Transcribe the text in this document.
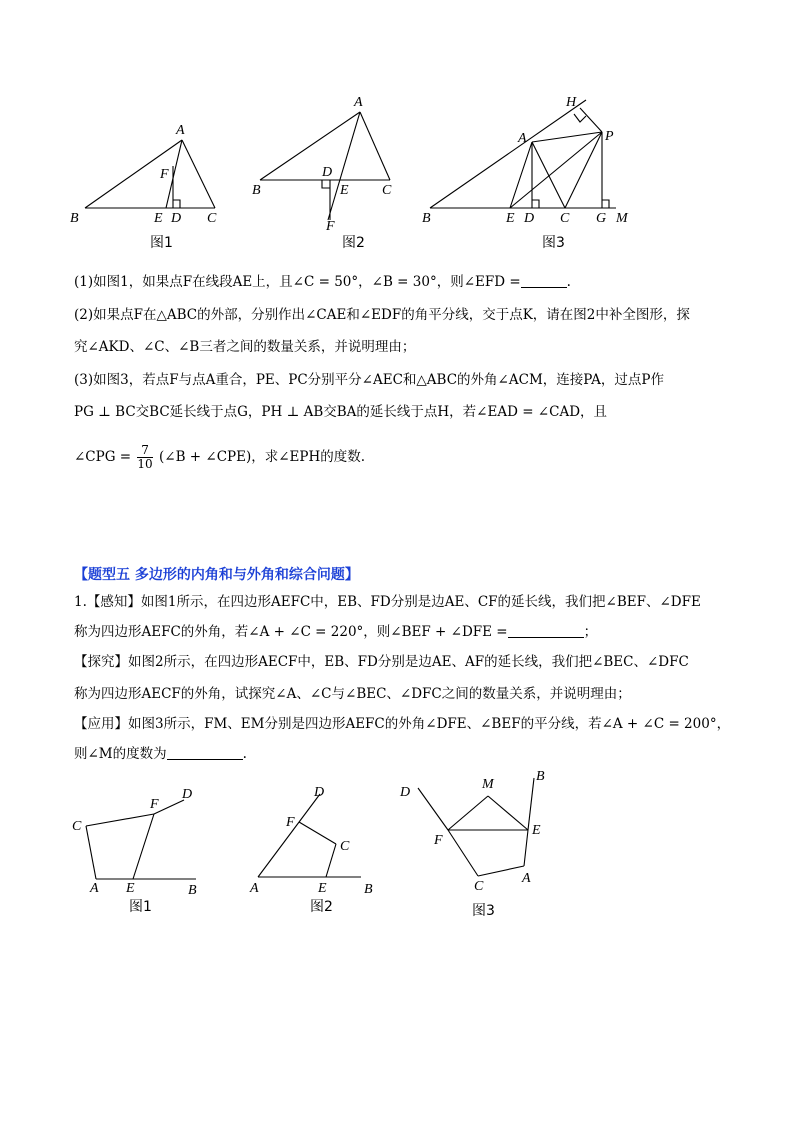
B
A
C
F
E D
图1
B
A
C
D
E
F
图2
B
A
E D C G M
H
P
图3
(1)如图1，如果点F在线段AE上，且∠C = 50°，∠B = 30°，则∠EFD =	.
(2)如果点F在△ABC的外部，分别作出∠CAE和∠EDF的角平分线，交于点K，请在图2中补全图形，探
究∠AKD、∠C、∠B三者之间的数量关系，并说明理由；
(3)如图3，若点F与点A重合，PE、PC分别平分∠AEC和△ABC的外角∠ACM，连接PA，过点P作
PG ⊥ BC交BC延长线于点G，PH ⊥ AB交BA的延长线于点H，若∠EAD = ∠CAD，且
∠CPG = $\frac{7}{10}$ (∠B + ∠CPE)，求∠EPH的度数.
【题型五 多边形的内角和与外角和综合问题】
1.【感知】如图1所示，在四边形AEFC中，EB、FD分别是边AE、CF的延长线，我们把∠BEF、∠DFE
称为四边形AEFC的外角，若∠A + ∠C = 220°，则∠BEF + ∠DFE =	；
【探究】如图2所示，在四边形AECF中，EB、FD分别是边AE、AF的延长线，我们把∠BEC、∠DFC
称为四边形AECF的外角，试探究∠A、∠C与∠BEC、∠DFC之间的数量关系，并说明理由；
【应用】如图3所示，FM、EM分别是四边形AEFC的外角∠DFE、∠BEF的平分线，若∠A + ∠C = 200°，
则∠M的度数为	.
A	B
C
D
E
F
图1
A	B
C
D
E
F
图2
D
B
M
F
E
C
A
图3
